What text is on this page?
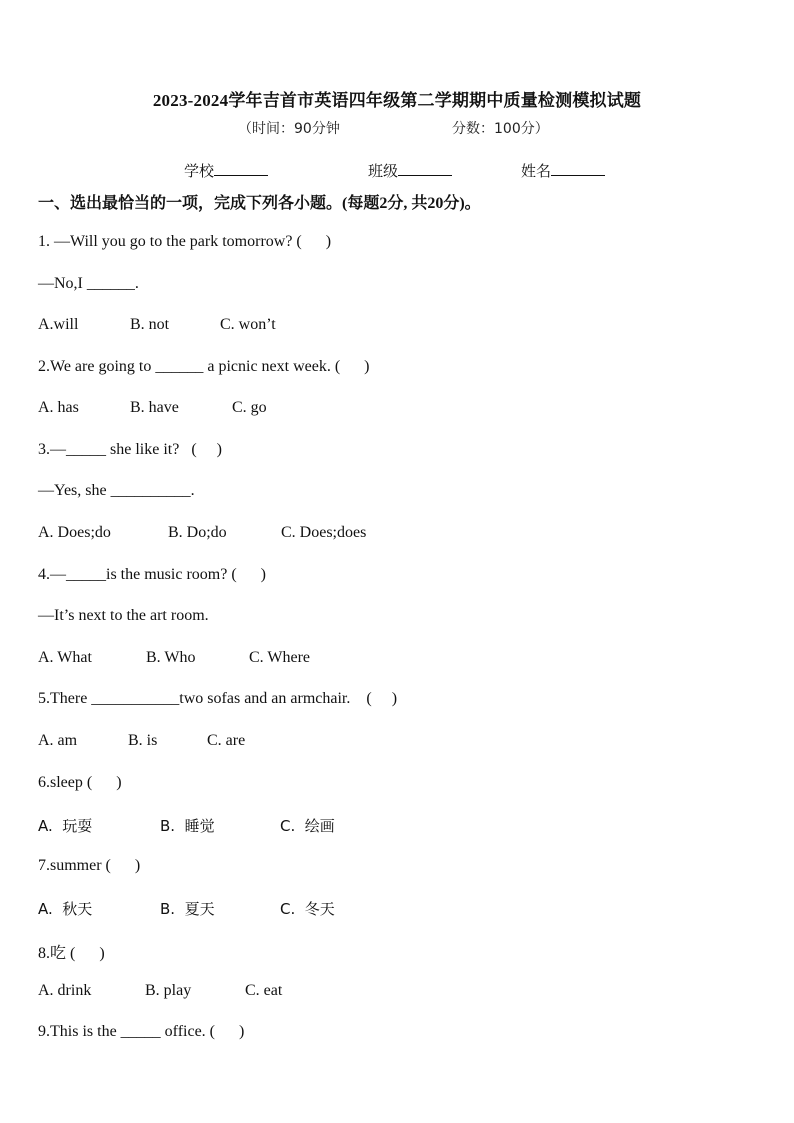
2023-2024学年吉首市英语四年级第二学期期中质量检测模拟试题
（时间：90分钟	分数：100分）
学校	班级	姓名
一、选出最恰当的一项，完成下列各小题。(每题2分, 共20分)。
1. —Will you go to the park tomorrow? (      )
—No,I ______.
A.will	B. not	C. won’t
2.We are going to ______ a picnic next week. (      )
A. has	B. have	C. go
3.—_____ she like it?   (     )
—Yes, she __________.
A. Does;do	B. Do;do	C. Does;does
4.—_____is the music room? (      )
—It’s next to the art room.
A. What	B. Who	C. Where
5.There ___________two sofas and an armchair.    (     )
A. am	B. is	C. are
6.sleep (      )
A.  玩耍	B.  睡觉	C.  绘画
7.summer (      )
A.  秋天	B.  夏天	C.  冬天
8.吃 (      )
A. drink	B. play	C. eat
9.This is the _____ office. (      )
